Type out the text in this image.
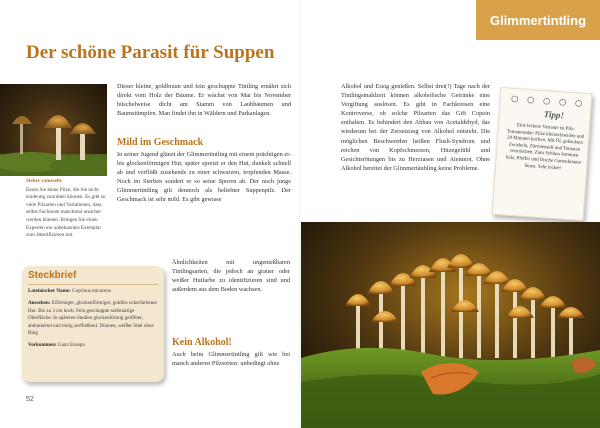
Glimmertintling
Der schöne Parasit für Suppen
Sieber ramsselis
Essen Sie keine Pilze, die Sie nicht eindeutig zuordnen können. Es gibt so viele Pilzarten und Variationen, dass selbst Fachleute manchmal unsicher werden können. Bringen Sie einen Experten ein unbekanntes Exemplar zum Identifizieren mit.
Steckbrief

Lateinischer Name: Coprinus micaceus

Aussehen: Eiförmiger, glockenförmiger, goldbis ockerfarbener Hut. Bis zu 3 cm hoch. Fein geschuppte seifenartige Oberfläche. In späteren Stadien glockenförmig geöffnet, abdunkelnd und tintig zerfließend. Dünnen, weißer Stiel ohne Ring

Vorkommen: Ganz Europa

52

Dieser kleine, goldbraun und fein geschuppte Tintling ernährt sich direkt vom Holz der Bäume. Er wächst von Mai bis November büschelweise dicht am Stamm von Laubbäumen und Baumstümpfen. Man findet ihn in Wäldern und Parkanlagen.

Mild im Geschmack

In seiner Jugend glänzt der Glimmertintling mit einem prächtigen ei- bis glockenförmigen Hut; später spreizt er den Hut, dunkelt schnell ab und verflüßt zusehends zu einer schwarzen, tropfenden Masse. Noch im Sterben sondert er so seine Sporen ab. Der noch junge Glimmertintling gilt dennoch als beliebter Suppenpilz. Der Geschmack ist sehr mild. Es gibt gewisse

Ähnlichkeiten mit ungenießbaren Tintlingsarten, die jedoch an grauer oder weißer Hutfarbe zu identifizieren sind und außerdem aus dem Boden wachsen.

Kein Alkohol!

Auch beim Glimmertintling gilt wie bei manch anderen Pilzsorten: unbedingt ohne

Alkohol und Essig genießen. Selbst drei(!) Tage nach der Tintlingsmahlzeit können alkoholische Getränke eine Vergiftung auslösen. Es gibt in Fachkreisen eine Kontroverse, ob solche Pilzarten das Gift Copein enthalten. Es behindert den Abbau von Acetaldehyd, das wiederum bei der Zersetzung von Alkohol entsteht. Die möglichen Beschwerden heißen Flush-Syndrom und reichen von Kopfschmerzen, Hitzegefühl und Gesichtsrötungen bis zu Herzrasen und Atemnot. Ohne Alkohol bereitet der Glimmertäubling keine Probleme.

Tipp!
Eine leckere Variante ist Pilz-Tomatensalat: Pilze kleinschneiden und 20 Minuten kochen. Mit Öl, gehackten Zwiebeln, Zitronensaft und Tomaten vermischen. Zum Schluss kommen Salz, Pfeffer und frische Gartenkräuter hinzu. Sehr lecker!
